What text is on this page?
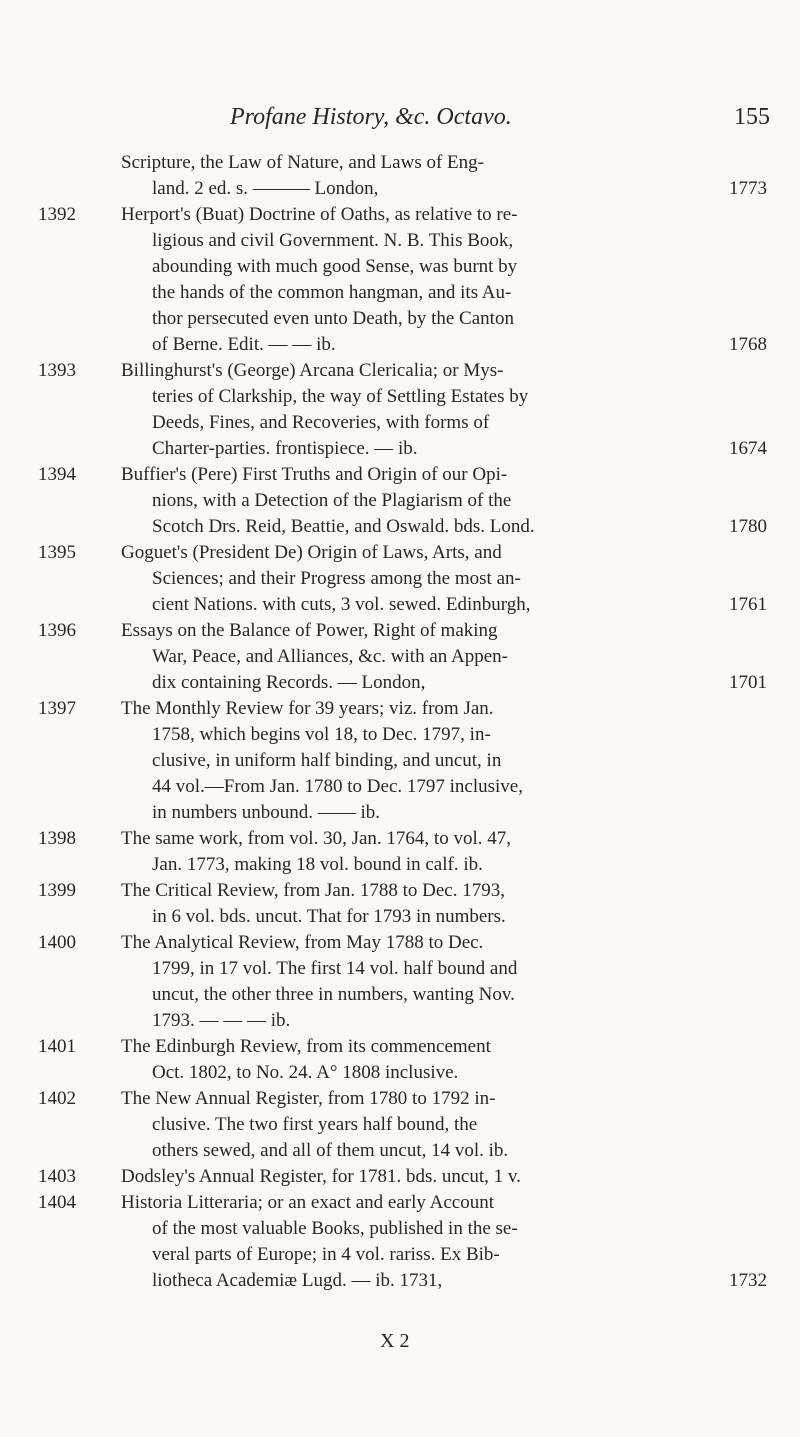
Profane History, &c. Octavo.	155
Scripture, the Law of Nature, and Laws of Eng-
land. 2 ed. s. ——— London,	1773
1392 Herport's (Buat) Doctrine of Oaths, as relative to re-
ligious and civil Government. N. B. This Book,
abounding with much good Sense, was burnt by
the hands of the common hangman, and its Au-
thor persecuted even unto Death, by the Canton
of Berne. Edit. — — ib.	1768
1393 Billinghurst's (George) Arcana Clericalia; or Mys-
teries of Clarkship, the way of Settling Estates by
Deeds, Fines, and Recoveries, with forms of
Charter-parties. frontispiece. — ib.	1674
1394 Buffier's (Pere) First Truths and Origin of our Opi-
nions, with a Detection of the Plagiarism of the
Scotch Drs. Reid, Beattie, and Oswald. bds. Lond.	1780
1395 Goguet's (President De) Origin of Laws, Arts, and
Sciences; and their Progress among the most an-
cient Nations. with cuts, 3 vol. sewed. Edinburgh,	1761
1396 Essays on the Balance of Power, Right of making
War, Peace, and Alliances, &c. with an Appen-
dix containing Records. — London,	1701
1397 The Monthly Review for 39 years; viz. from Jan.
1758, which begins vol 18, to Dec. 1797, in-
clusive, in uniform half binding, and uncut, in
44 vol.—From Jan. 1780 to Dec. 1797 inclusive,
in numbers unbound. —— ib.
1398 The same work, from vol. 30, Jan. 1764, to vol. 47,
Jan. 1773, making 18 vol. bound in calf. ib.
1399 The Critical Review, from Jan. 1788 to Dec. 1793,
in 6 vol. bds. uncut. That for 1793 in numbers.
1400 The Analytical Review, from May 1788 to Dec.
1799, in 17 vol. The first 14 vol. half bound and
uncut, the other three in numbers, wanting Nov.
1793. — — — ib.
1401 The Edinburgh Review, from its commencement
Oct. 1802, to No. 24. A° 1808 inclusive.
1402 The New Annual Register, from 1780 to 1792 in-
clusive. The two first years half bound, the
others sewed, and all of them uncut, 14 vol. ib.
1403 Dodsley's Annual Register, for 1781. bds. uncut, 1 v.
1404 Historia Litteraria; or an exact and early Account
of the most valuable Books, published in the se-
veral parts of Europe; in 4 vol. rariss. Ex Bib-
liotheca Academiæ Lugd. — ib. 1731,	1732
X 2
